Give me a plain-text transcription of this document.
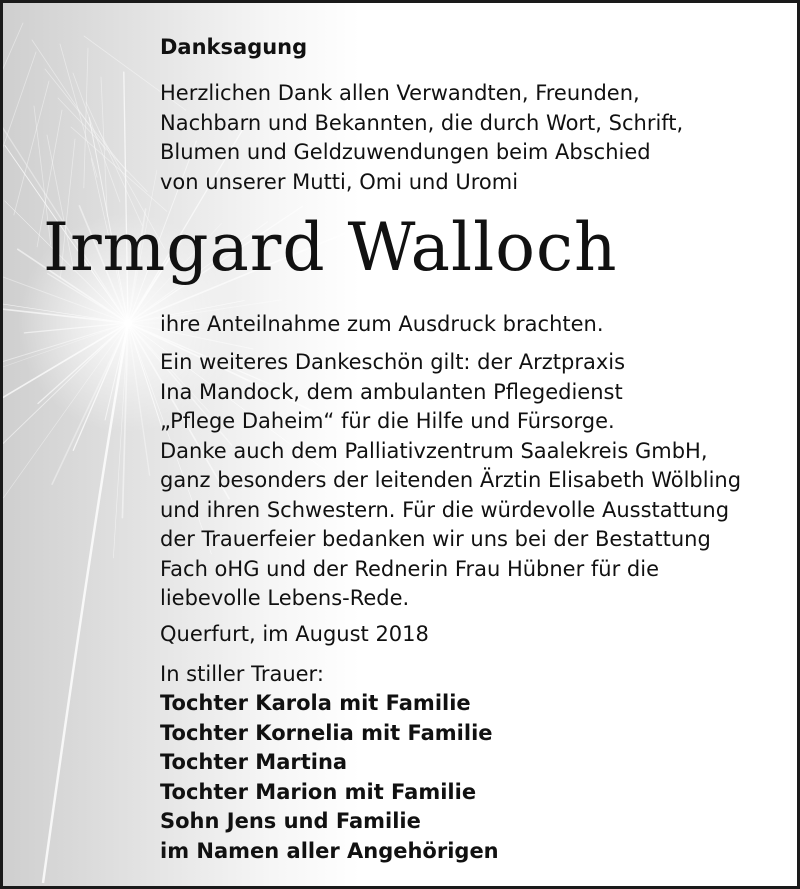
Danksagung
Herzlichen Dank allen Verwandten, Freunden,
Nachbarn und Bekannten, die durch Wort, Schrift,
Blumen und Geldzuwendungen beim Abschied
von unserer Mutti, Omi und Uromi
Irmgard Walloch
ihre Anteilnahme zum Ausdruck brachten.
Ein weiteres Dankeschön gilt: der Arztpraxis
Ina Mandock, dem ambulanten Pflegedienst
„Pflege Daheim“ für die Hilfe und Fürsorge.
Danke auch dem Palliativzentrum Saalekreis GmbH,
ganz besonders der leitenden Ärztin Elisabeth Wölbling
und ihren Schwestern. Für die würdevolle Ausstattung
der Trauerfeier bedanken wir uns bei der Bestattung
Fach oHG und der Rednerin Frau Hübner für die
liebevolle Lebens-Rede.
Querfurt, im August 2018
In stiller Trauer:
Tochter Karola mit Familie
Tochter Kornelia mit Familie
Tochter Martina
Tochter Marion mit Familie
Sohn Jens und Familie
im Namen aller Angehörigen
